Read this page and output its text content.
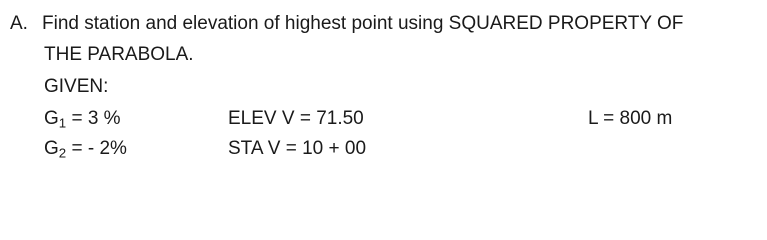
A. Find station and elevation of highest point using SQUARED PROPERTY OF
THE PARABOLA.
GIVEN:
$G_1 = 3$ %	ELEV V = 71.50	L = 800 m
$G_2$ = - 2%	STA V = 10 + 00
